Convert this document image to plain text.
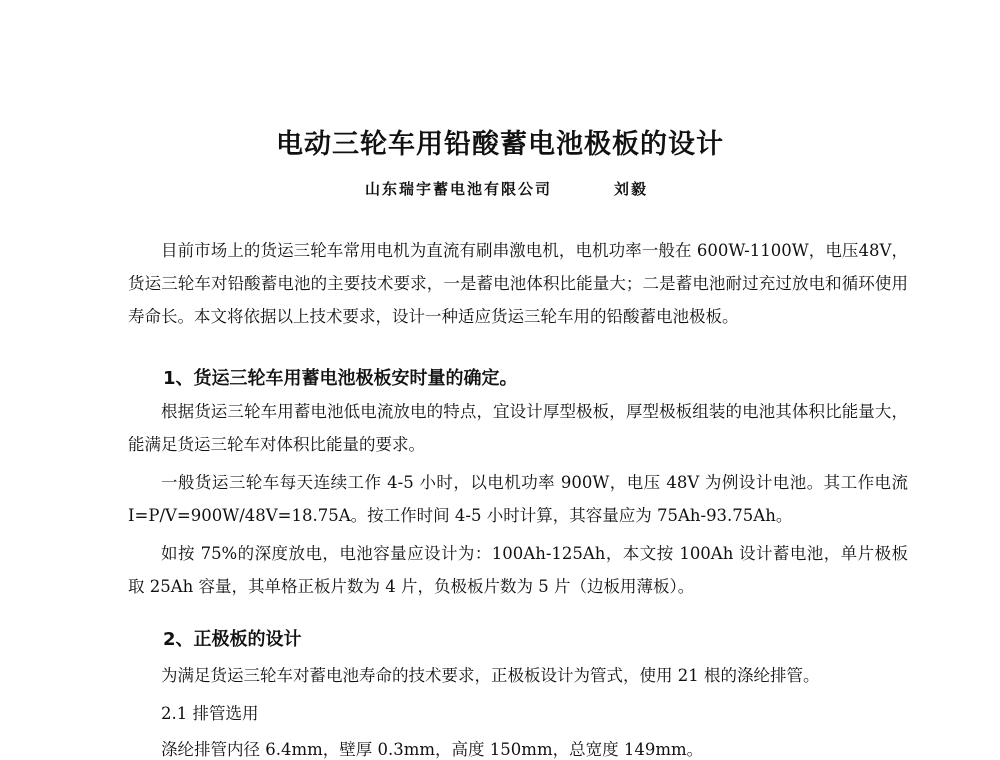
电动三轮车用铅酸蓄电池极板的设计
山东瑞宇蓄电池有限公司	刘毅
目前市场上的货运三轮车常用电机为直流有刷串激电机，电机功率一般在 600W-1100W，电压48V，货运三轮车对铅酸蓄电池的主要技术要求，一是蓄电池体积比能量大；二是蓄电池耐过充过放电和循环使用寿命长。本文将依据以上技术要求，设计一种适应货运三轮车用的铅酸蓄电池极板。
1、货运三轮车用蓄电池极板安时量的确定。
根据货运三轮车用蓄电池低电流放电的特点，宜设计厚型极板，厚型极板组装的电池其体积比能量大，能满足货运三轮车对体积比能量的要求。
一般货运三轮车每天连续工作 4-5 小时，以电机功率 900W，电压 48V 为例设计电池。其工作电流 I=P/V=900W/48V=18.75A。按工作时间 4-5 小时计算，其容量应为 75Ah-93.75Ah。
如按 75%的深度放电，电池容量应设计为：100Ah-125Ah，本文按 100Ah 设计蓄电池，单片极板取 25Ah 容量，其单格正板片数为 4 片，负极板片数为 5 片（边板用薄板）。
2、正极板的设计
为满足货运三轮车对蓄电池寿命的技术要求，正极板设计为管式，使用 21 根的涤纶排管。
2.1 排管选用
涤纶排管内径 6.4mm，壁厚 0.3mm，高度 150mm，总宽度 149mm。
